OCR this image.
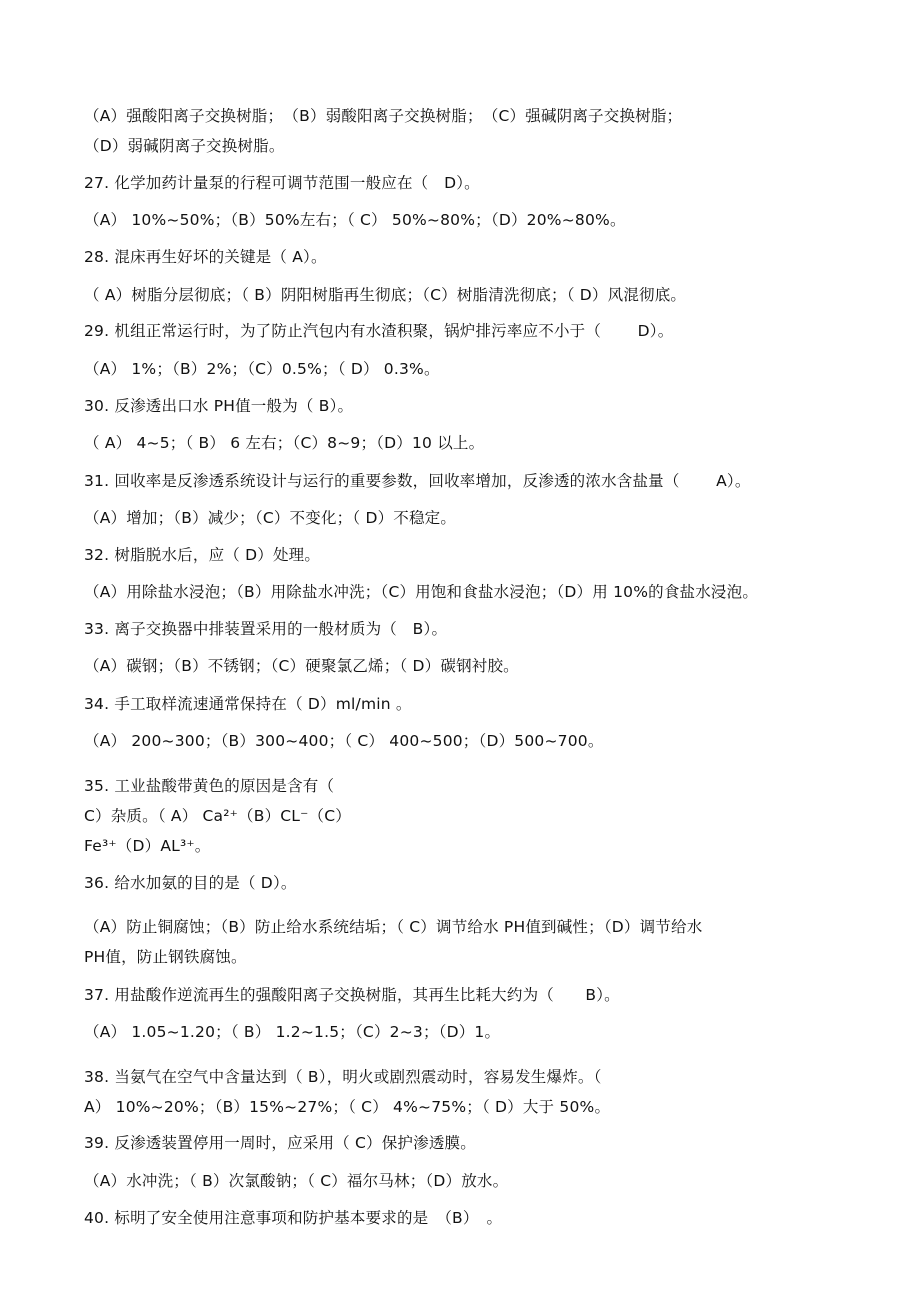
（A）强酸阳离子交换树脂；　（B）弱酸阳离子交换树脂；　（C）强碱阴离子交换树脂；
（D）弱碱阴离子交换树脂。
27. 化学加药计量泵的行程可调节范围一般应在（　D）。
（A） 10%~50%；（B）50%左右；（ C） 50%~80%；（D）20%~80%。
28. 混床再生好坏的关键是（ A）。
（ A）树脂分层彻底；（ B）阴阳树脂再生彻底；（C）树脂清洗彻底；（ D）风混彻底。
29. 机组正常运行时，为了防止汽包内有水渣积聚，锅炉排污率应不小于（　　 D）。
（A） 1%；（B）2%；（C）0.5%；（ D） 0.3%。
30. 反渗透出口水 PH值一般为（ B）。
（ A） 4~5；（ B） 6 左右；（C）8~9；（D）10 以上。
31. 回收率是反渗透系统设计与运行的重要参数，回收率增加，反渗透的浓水含盐量（　　 A）。
（A）增加；（B）减少；（C）不变化；（ D）不稳定。
32. 树脂脱水后，应（ D）处理。
（A）用除盐水浸泡；（B）用除盐水冲洗；（C）用饱和食盐水浸泡；（D）用 10%的食盐水浸泡。
33. 离子交换器中排装置采用的一般材质为（　B）。
（A）碳钢；（B）不锈钢；（C）硬聚氯乙烯；（ D）碳钢衬胶。
34. 手工取样流速通常保持在（ D）ml/min 。
（A） 200~300；（B）300~400；（ C） 400~500；（D）500~700。
35. 工业盐酸带黄色的原因是含有（
C）杂质。（ A） Ca²⁺（B）CL⁻（C）
Fe³⁺（D）AL³⁺。
36. 给水加氨的目的是（ D）。
（A）防止铜腐蚀；（B）防止给水系统结垢；（ C）调节给水 PH值到碱性；（D）调节给水
PH值，防止钢铁腐蚀。
37. 用盐酸作逆流再生的强酸阳离子交换树脂，其再生比耗大约为（　　B）。
（A） 1.05~1.20；（ B） 1.2~1.5；（C）2~3；（D）1。
38. 当氨气在空气中含量达到（ B），明火或剧烈震动时，容易发生爆炸。（
A） 10%~20%；（B）15%~27%；（ C） 4%~75%；（ D）大于 50%。
39. 反渗透装置停用一周时，应采用（ C）保护渗透膜。
（A）水冲洗；（ B）次氯酸钠；（ C）福尔马林；（D）放水。
40. 标明了安全使用注意事项和防护基本要求的是　（B）　。
